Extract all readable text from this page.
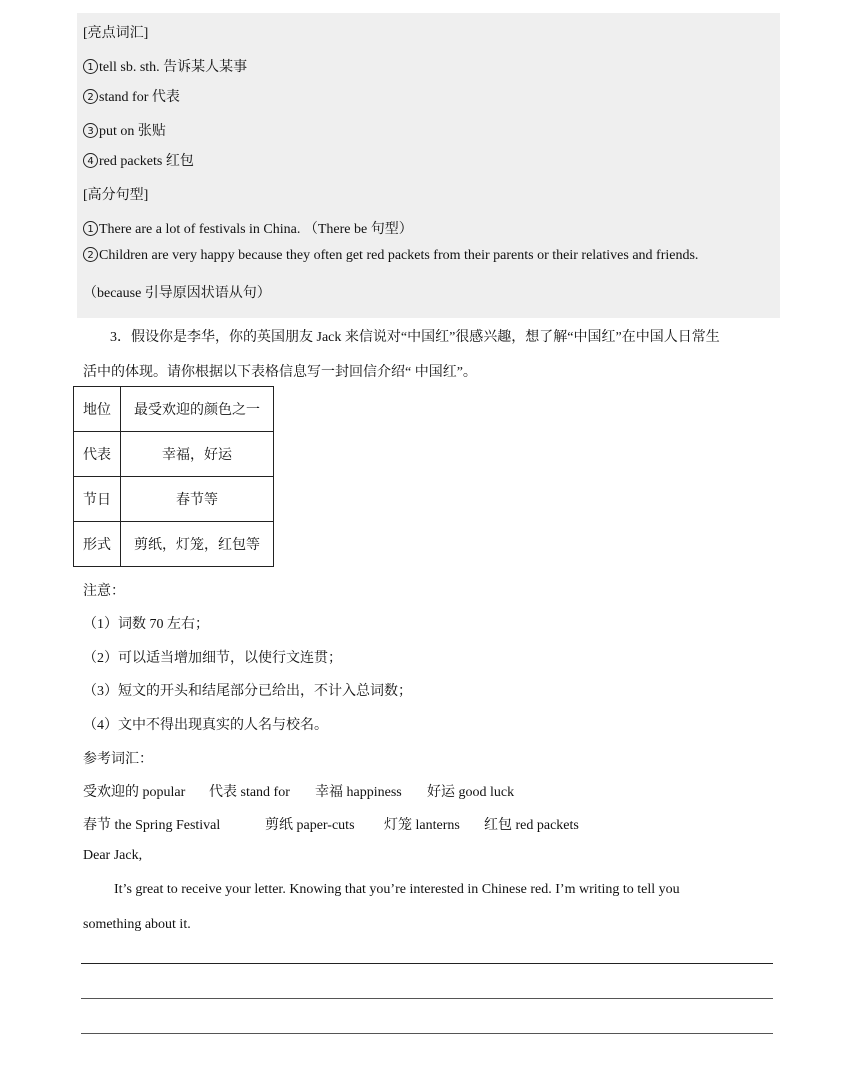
[亮点词汇]
1 tell sb. sth. 告诉某人某事
2 stand for 代表
3 put on 张贴
4 red packets 红包
[高分句型]
1 There are a lot of festivals in China. （There be 句型）
2 Children are very happy because they often get red packets from their parents or their relatives and friends.
（because 引导原因状语从句）
3．假设你是李华，你的英国朋友 Jack 来信说对“中国红”很感兴趣，想了解“中国红”在中国人日常生
活中的体现。请你根据以下表格信息写一封回信介绍“ 中国红”。
地位	最受欢迎的颜色之一
代表	幸福，好运
节日	春节等
形式	剪纸，灯笼，红包等
注意：
（1）词数 70 左右；
（2）可以适当增加细节，以使行文连贯；
（3）短文的开头和结尾部分已给出，不计入总词数；
（4）文中不得出现真实的人名与校名。
参考词汇：
受欢迎的 popular 代表 stand for 幸福 happiness 好运 good luck
春节 the Spring Festival	剪纸 paper-cuts 灯笼 lanterns 红包 red packets
Dear Jack,
It’s great to receive your letter. Knowing that you’re interested in Chinese red. I’m writing to tell you
something about it.
